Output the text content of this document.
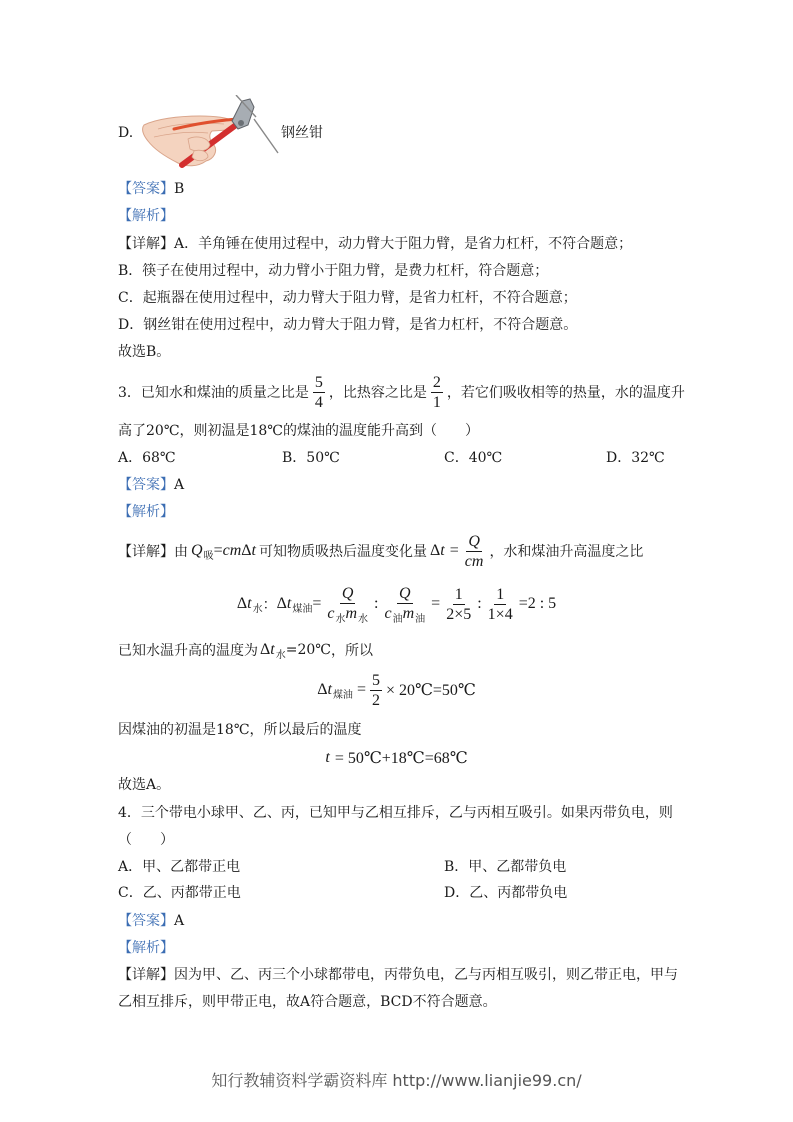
D.	钢丝钳
【答案】B
【解析】
【详解】A．羊角锤在使用过程中，动力臂大于阻力臂，是省力杠杆，不符合题意；
B．筷子在使用过程中，动力臂小于阻力臂，是费力杠杆，符合题意；
C．起瓶器在使用过程中，动力臂大于阻力臂，是省力杠杆，不符合题意；
D．钢丝钳在使用过程中，动力臂大于阻力臂，是省力杠杆，不符合题意。
故选B。
3．已知水和煤油的质量之比是 $\frac{5}{4}$ ，比热容之比是 $\frac{2}{1}$ ，若它们吸收相等的热量，水的温度升
高了20℃，则初温是18℃的煤油的温度能升高到（　　）
A．68℃	B．50℃	C．40℃	D．32℃
【答案】A
【解析】
【详解】 由 $Q_吸=cm\Delta t$ 可知物质吸热后温度变化量 $\Delta t = \frac{Q}{cm}$ ，水和煤油升高温度之比
$\Delta t_水$ ： $\Delta t_{煤油} = \frac{Q}{c_水m_水}$ : $\frac{Q}{c_油m_油} = \frac{1}{2\times 5}$ : $\frac{1}{1\times 4} =2$ : 5
已知水温升高的温度为 $\Delta t_水$ =20℃ ，所以
$\Delta t_{煤油} = \frac{5}{2}$ × 20℃=50℃
因煤油的初温是18℃，所以最后的温度
t = 50℃+18℃=68℃
故选A。
4．三个带电小球甲、乙、丙，已知甲与乙相互排斥，乙与丙相互吸引。如果丙带负电，则
（　　）
A．甲、乙都带正电	B．甲、乙都带负电
C．乙、丙都带正电	D．乙、丙都带负电
【答案】A
【解析】
【详解】因为甲、乙、丙三个小球都带电，丙带负电，乙与丙相互吸引，则乙带正电，甲与
乙相互排斥，则甲带正电，故A符合题意，BCD不符合题意。
知行教辅资料学霸资料库 http://www.lianjie99.cn/
